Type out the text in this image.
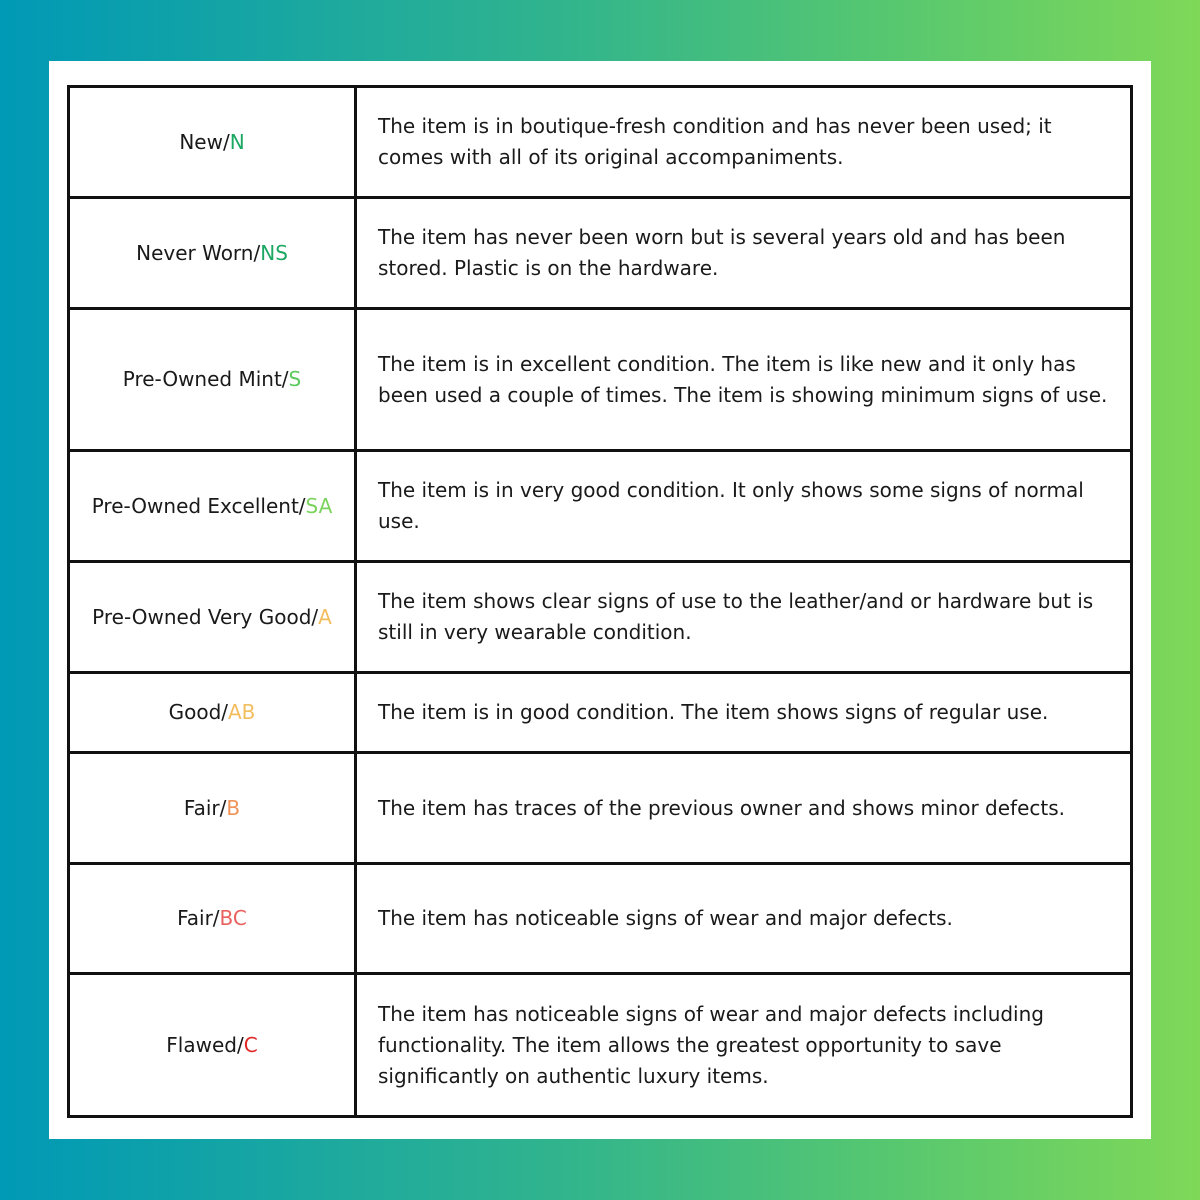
New/N	The item is in boutique-fresh condition and has never been used; it comes with all of its original accompaniments.
Never Worn/NS	The item has never been worn but is several years old and has been stored. Plastic is on the hardware.
Pre-Owned Mint/S	The item is in excellent condition. The item is like new and it only has been used a couple of times. The item is showing minimum signs of use.
Pre-Owned Excellent/SA	The item is in very good condition. It only shows some signs of normal use.
Pre-Owned Very Good/A	The item shows clear signs of use to the leather/and or hardware but is still in very wearable condition.
Good/AB	The item is in good condition. The item shows signs of regular use.
Fair/B	The item has traces of the previous owner and shows minor defects.
Fair/BC	The item has noticeable signs of wear and major defects.
Flawed/C	The item has noticeable signs of wear and major defects including functionality. The item allows the greatest opportunity to save significantly on authentic luxury items.
